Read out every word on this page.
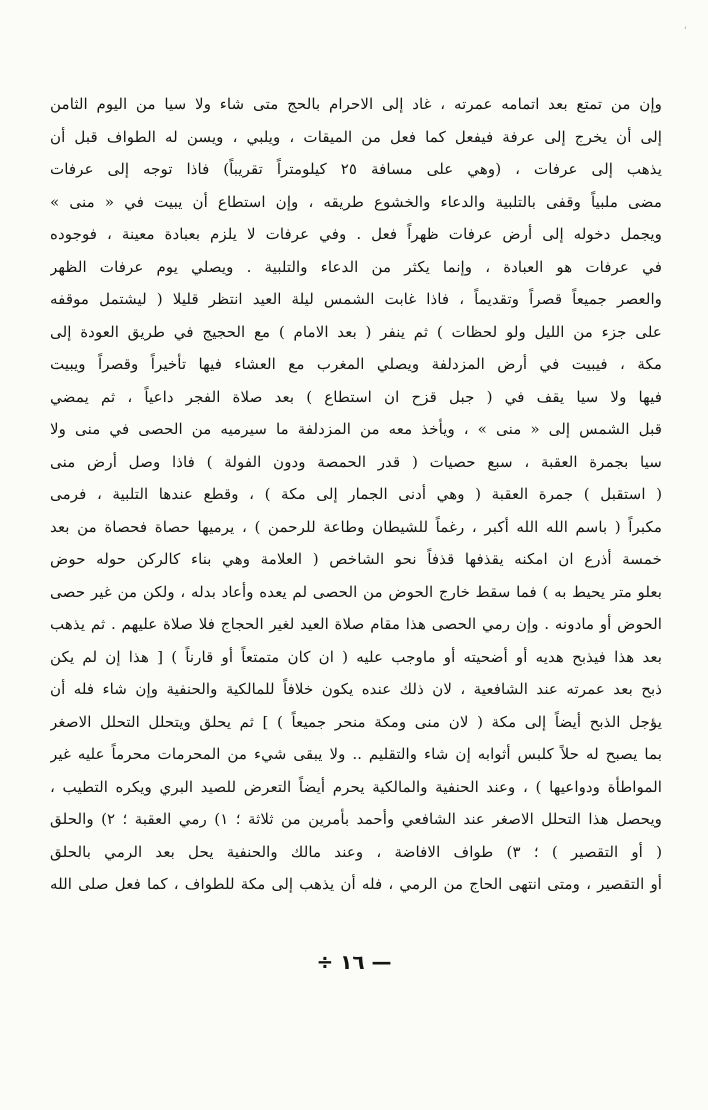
‘
وإن من تمتع بعد اتمامه عمرته ، غاد إلى الاحرام بالحج متى شاء ولا سيا من اليوم الثامن
إلى أن يخرج إلى عرفة فيفعل كما فعل من الميقات ، ويلبي ، ويسن له الطواف قبل أن
يذهب إلى عرفات ، (وهي على مسافة ٢٥ كيلومتراً تقريباً) فاذا توجه إلى عرفات
مضى ملبياً وقفى بالتلبية والدعاء والخشوع طريقه ، وإن استطاع أن يبيت في « منى »
ويجمل دخوله إلى أرض عرفات ظهراً فعل . وفي عرفات لا يلزم بعبادة معينة ، فوجوده
في عرفات هو العبادة ، وإنما يكثر من الدعاء والتلبية . ويصلي يوم عرفات الظهر
والعصر جميعاً قصراً وتقديماً ، فاذا غابت الشمس ليلة العيد انتظر قليلا ( ليشتمل موقفه
على جزء من الليل ولو لحظات ) ثم ينفر ( بعد الامام ) مع الحجيج في طريق العودة إلى
مكة ، فيبيت في أرض المزدلفة ويصلي المغرب مع العشاء فيها تأخيراً وقصراً ويبيت
فيها ولا سيا يقف في ( جبل قزح ان استطاع ) بعد صلاة الفجر داعياً ، ثم يمضي
قبل الشمس إلى « منى » ، ويأخذ معه من المزدلفة ما سيرميه من الحصى في منى ولا
سيا بجمرة العقبة ، سبع حصيات ( قدر الحمصة ودون الفولة ) فاذا وصل أرض منى
( استقبل ) جمرة العقبة ( وهي أدنى الجمار إلى مكة ) ، وقطع عندها التلبية ، فرمى
مكبراً ( باسم الله الله أكبر ، رغماً للشيطان وطاعة للرحمن ) ، يرميها حصاة فحصاة من بعد
خمسة أذرع ان امكنه يقذفها قذفاً نحو الشاخص ( العلامة وهي بناء كالركن حوله حوض
بعلو متر يحيط به ) فما سقط خارج الحوض من الحصى لم يعده وأعاد بدله ، ولكن من غير حصى
الحوض أو مادونه . وإن رمي الحصى هذا مقام صلاة العيد لغير الحجاج فلا صلاة عليهم . ثم يذهب
بعد هذا فيذبح هديه أو أضحيته أو ماوجب عليه ( ان كان متمتعاً أو قارناً ) [ هذا إن لم يكن
ذبح بعد عمرته عند الشافعية ، لان ذلك عنده يكون خلافاً للمالكية والحنفية وإن شاء فله أن
يؤجل الذبح أيضاً إلى مكة ( لان منى ومكة منحر جميعاً ) ] ثم يحلق ويتحلل التحلل الاصغر
بما يصبح له حلاً كلبس أثوابه إن شاء والتقليم .. ولا يبقى شيء من المحرمات محرماً عليه غير
المواطأة ودواعيها ) ، وعند الحنفية والمالكية يحرم أيضاً التعرض للصيد البري ويكره التطيب ،
ويحصل هذا التحلل الاصغر عند الشافعي وأحمد بأمرين من ثلاثة ؛ ١) رمي العقبة ؛ ٢) والحلق
( أو التقصير ) ؛ ٣) طواف الافاضة ، وعند مالك والحنفية يحل بعد الرمي بالحلق
أو التقصير ، ومتى انتهى الحاج من الرمي ، فله أن يذهب إلى مكة للطواف ، كما فعل صلى الله
— ١٦ ÷
